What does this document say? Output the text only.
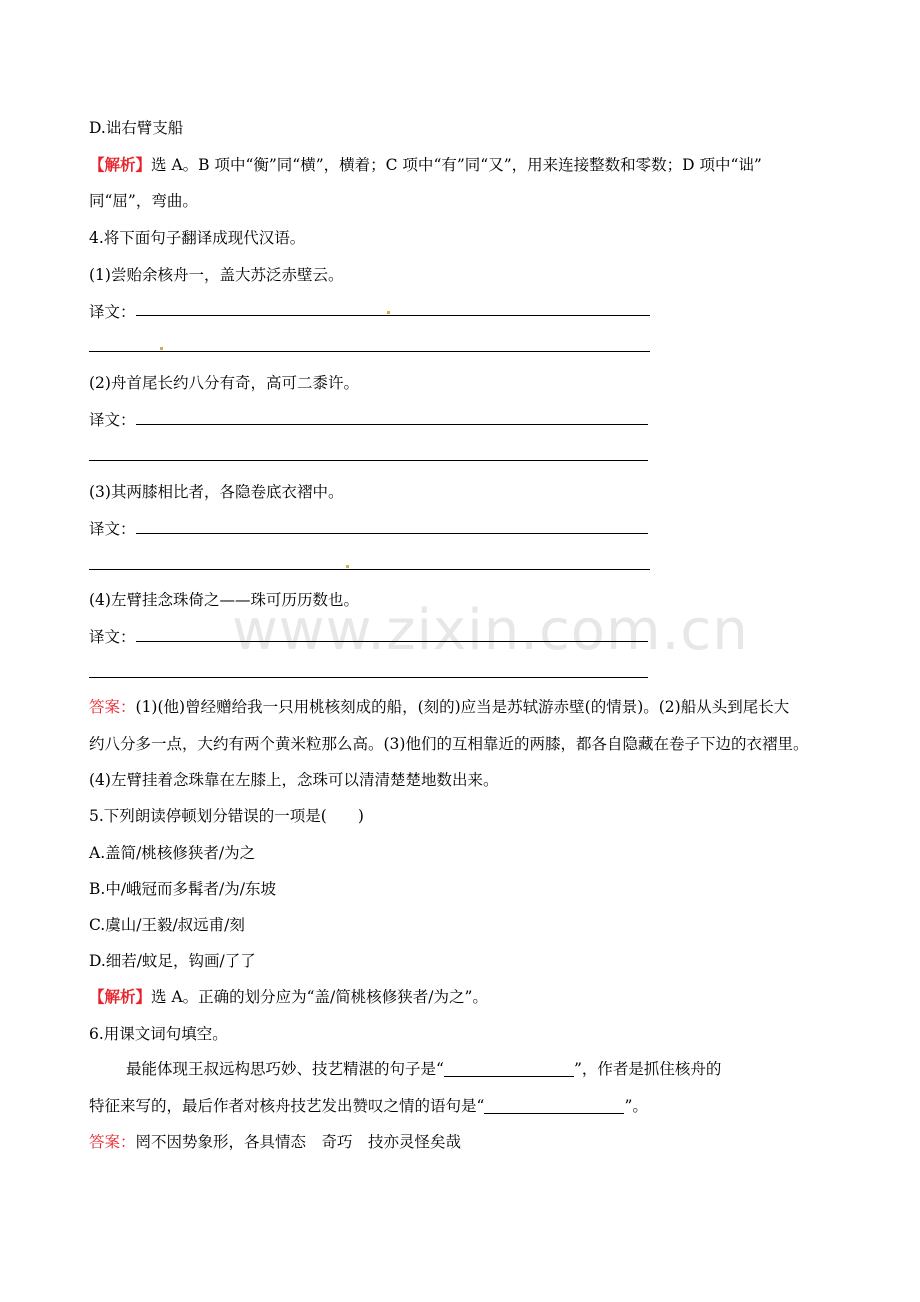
www.zixin.com.cn
D.诎右臂支船
【解析】选 A。B 项中“衡”同“横”，横着；C 项中“有”同“又”，用来连接整数和零数；D 项中“诎”
同“屈”，弯曲。
4.将下面句子翻译成现代汉语。
(1)尝贻余核舟一，盖大苏泛赤壁云。
译文：
(2)舟首尾长约八分有奇，高可二黍许。
译文：
(3)其两膝相比者，各隐卷底衣褶中。
译文：
(4)左臂挂念珠倚之——珠可历历数也。
译文：
答案：(1)(他)曾经赠给我一只用桃核刻成的船，(刻的)应当是苏轼游赤壁(的情景)。(2)船从头到尾长大
约八分多一点，大约有两个黄米粒那么高。(3)他们的互相靠近的两膝，都各自隐藏在卷子下边的衣褶里。
(4)左臂挂着念珠靠在左膝上，念珠可以清清楚楚地数出来。
5.下列朗读停顿划分错误的一项是(　　)
A.盖简/桃核修狭者/为之
B.中/峨冠而多髯者/为/东坡
C.虞山/王毅/叔远甫/刻
D.细若/蚊足，钩画/了了
【解析】选 A。正确的划分应为“盖/简桃核修狭者/为之”。
6.用课文词句填空。
最能体现王叔远构思巧妙、技艺精湛的句子是“	”，作者是抓住核舟的
特征来写的，最后作者对核舟技艺发出赞叹之情的语句是“	”。
答案：罔不因势象形，各具情态　奇巧　技亦灵怪矣哉
